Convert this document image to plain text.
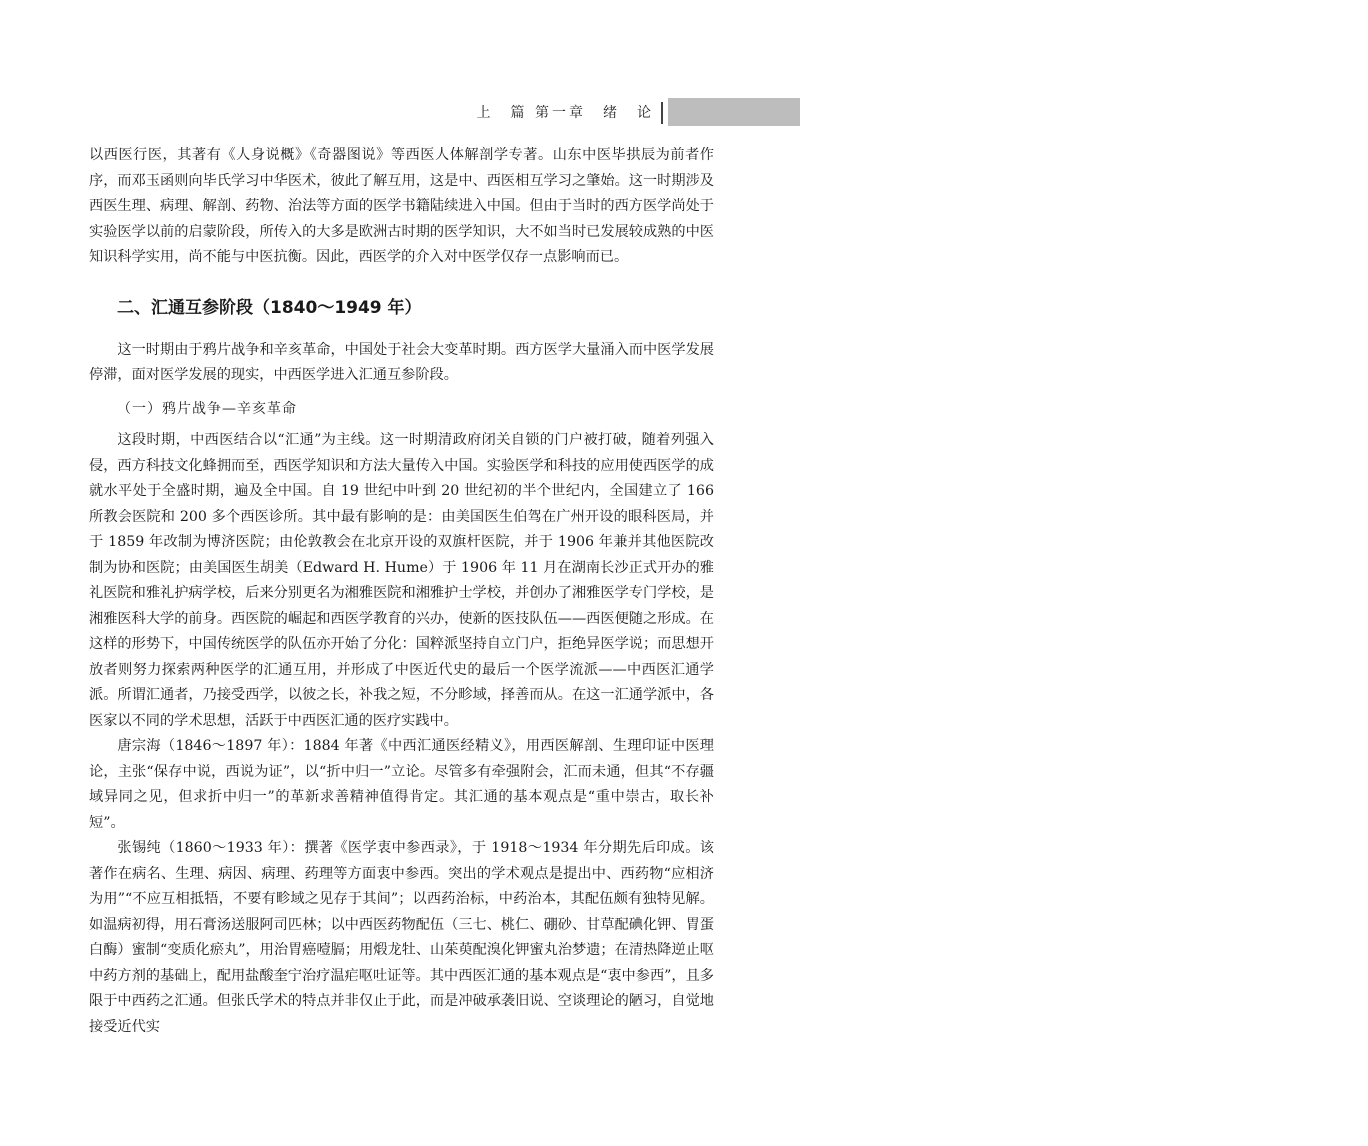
上　篇 第一章　绪　论	5

以西医行医，其著有《人身说概》《奇器图说》等西医人体解剖学专著。山东中医毕拱辰为前者作序，而邓玉函则向毕氏学习中华医术，彼此了解互用，这是中、西医相互学习之肇始。这一时期涉及西医生理、病理、解剖、药物、治法等方面的医学书籍陆续进入中国。但由于当时的西方医学尚处于实验医学以前的启蒙阶段，所传入的大多是欧洲古时期的医学知识，大不如当时已发展较成熟的中医知识科学实用，尚不能与中医抗衡。因此，西医学的介入对中医学仅存一点影响而已。

二、汇通互参阶段（1840～1949 年）

这一时期由于鸦片战争和辛亥革命，中国处于社会大变革时期。西方医学大量涌入而中医学发展停滞，面对医学发展的现实，中西医学进入汇通互参阶段。

（一）鸦片战争—辛亥革命

这段时期，中西医结合以“汇通”为主线。这一时期清政府闭关自锁的门户被打破，随着列强入侵，西方科技文化蜂拥而至，西医学知识和方法大量传入中国。实验医学和科技的应用使西医学的成就水平处于全盛时期，遍及全中国。自 19 世纪中叶到 20 世纪初的半个世纪内，全国建立了 166 所教会医院和 200 多个西医诊所。其中最有影响的是：由美国医生伯驾在广州开设的眼科医局，并于 1859 年改制为博济医院；由伦敦教会在北京开设的双旗杆医院，并于 1906 年兼并其他医院改制为协和医院；由美国医生胡美（Edward H. Hume）于 1906 年 11 月在湖南长沙正式开办的雅礼医院和雅礼护病学校，后来分别更名为湘雅医院和湘雅护士学校，并创办了湘雅医学专门学校，是湘雅医科大学的前身。西医院的崛起和西医学教育的兴办，使新的医技队伍——西医便随之形成。在这样的形势下，中国传统医学的队伍亦开始了分化：国粹派坚持自立门户，拒绝异医学说；而思想开放者则努力探索两种医学的汇通互用，并形成了中医近代史的最后一个医学流派——中西医汇通学派。所谓汇通者，乃接受西学，以彼之长，补我之短，不分畛域，择善而从。在这一汇通学派中，各医家以不同的学术思想，活跃于中西医汇通的医疗实践中。

唐宗海（1846～1897 年）：1884 年著《中西汇通医经精义》，用西医解剖、生理印证中医理论，主张“保存中说，西说为证”，以“折中归一”立论。尽管多有牵强附会，汇而未通，但其“不存疆域异同之见，但求折中归一”的革新求善精神值得肯定。其汇通的基本观点是“重中崇古，取长补短”。

张锡纯（1860～1933 年）：撰著《医学衷中参西录》，于 1918～1934 年分期先后印成。该著作在病名、生理、病因、病理、药理等方面衷中参西。突出的学术观点是提出中、西药物“应相济为用”“不应互相抵牾，不要有畛域之见存于其间”；以西药治标，中药治本，其配伍颇有独特见解。如温病初得，用石膏汤送服阿司匹林；以中西医药物配伍（三七、桃仁、硼砂、甘草配碘化钾、胃蛋白酶）蜜制“变质化瘀丸”，用治胃癌噎膈；用煅龙牡、山茱萸配溴化钾蜜丸治梦遗；在清热降逆止呕中药方剂的基础上，配用盐酸奎宁治疗温疟呕吐证等。其中西医汇通的基本观点是“衷中参西”，且多限于中西药之汇通。但张氏学术的特点并非仅止于此，而是冲破承袭旧说、空谈理论的陋习，自觉地接受近代实
